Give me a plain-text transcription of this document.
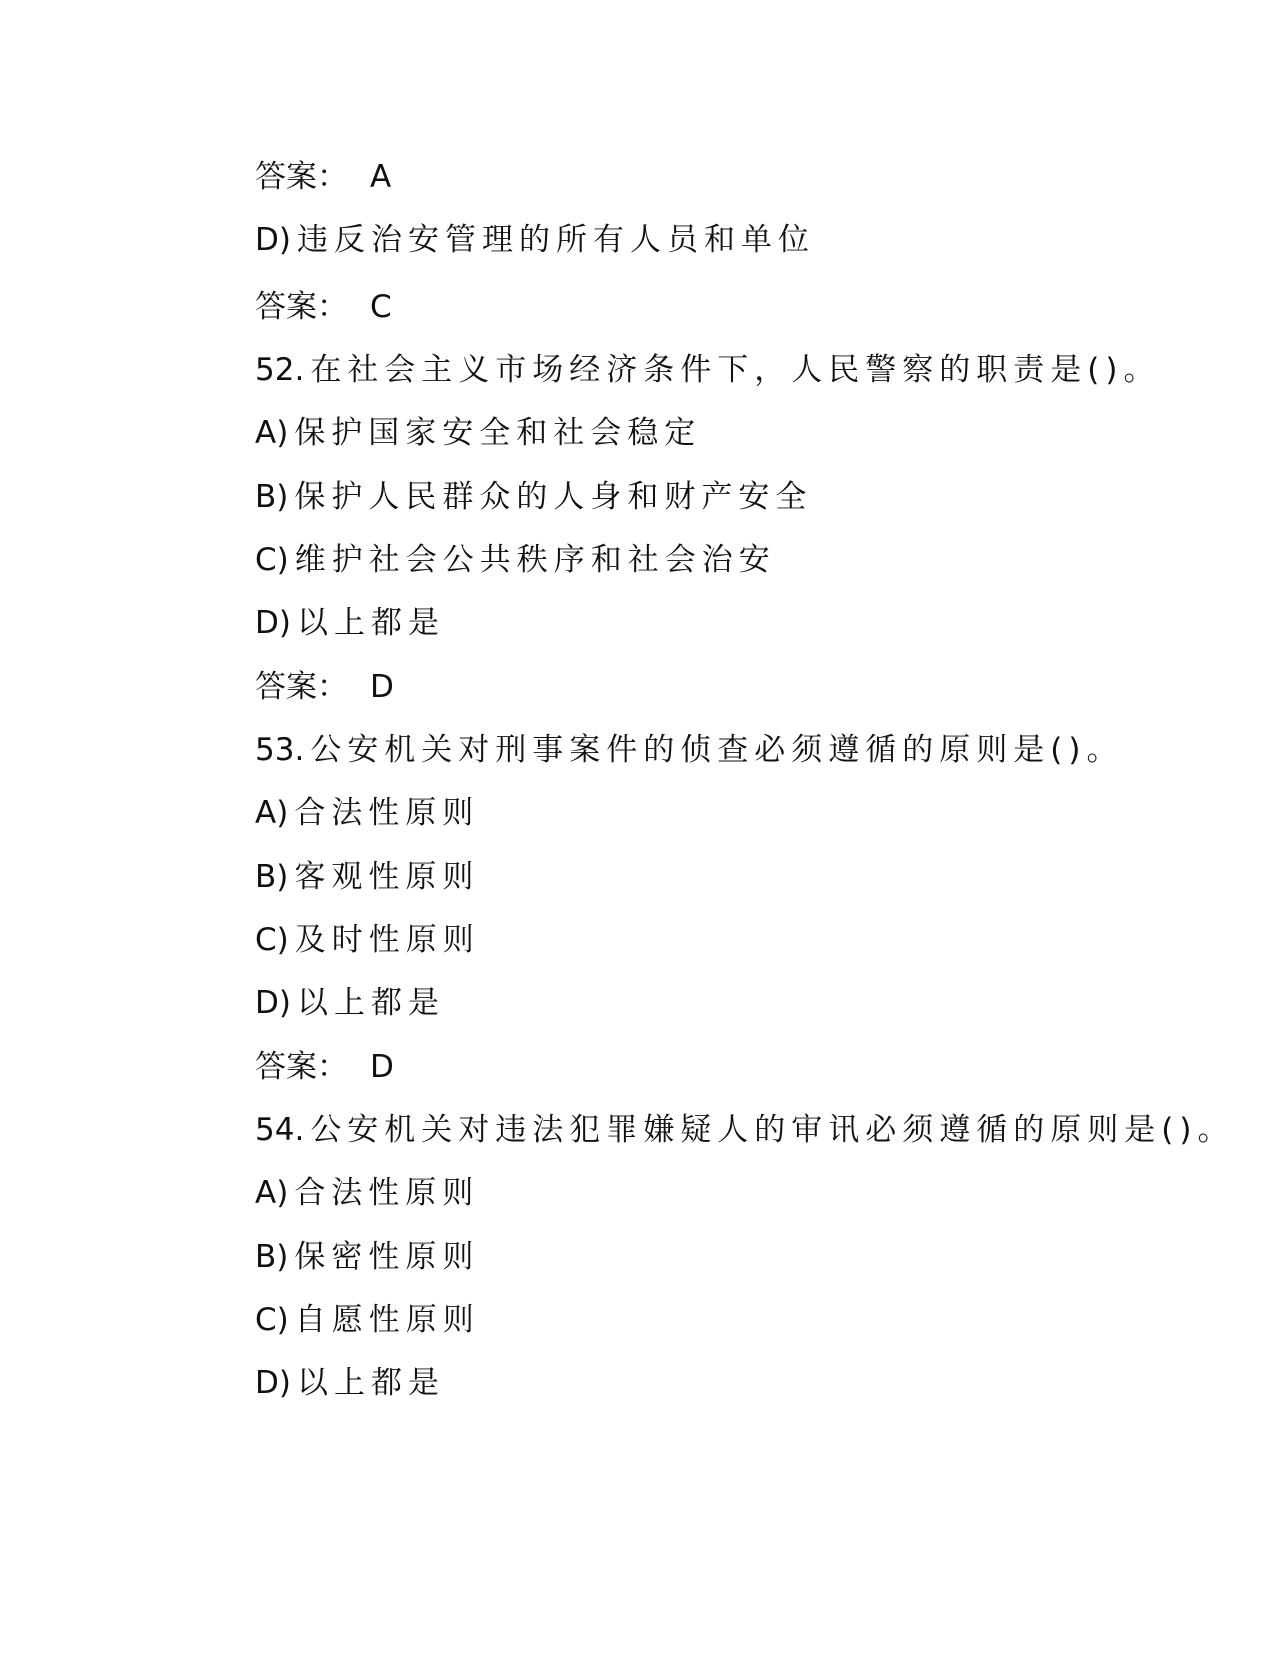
答案： A
D) 违反治安管理的所有人员和单位
答案： C
52. 在社会主义市场经济条件下，人民警察的职责是()。
A) 保护国家安全和社会稳定
B) 保护人民群众的人身和财产安全
C) 维护社会公共秩序和社会治安
D) 以上都是
答案： D
53. 公安机关对刑事案件的侦查必须遵循的原则是()。
A) 合法性原则
B) 客观性原则
C) 及时性原则
D) 以上都是
答案： D
54. 公安机关对违法犯罪嫌疑人的审讯必须遵循的原则是()。
A) 合法性原则
B) 保密性原则
C) 自愿性原则
D) 以上都是
